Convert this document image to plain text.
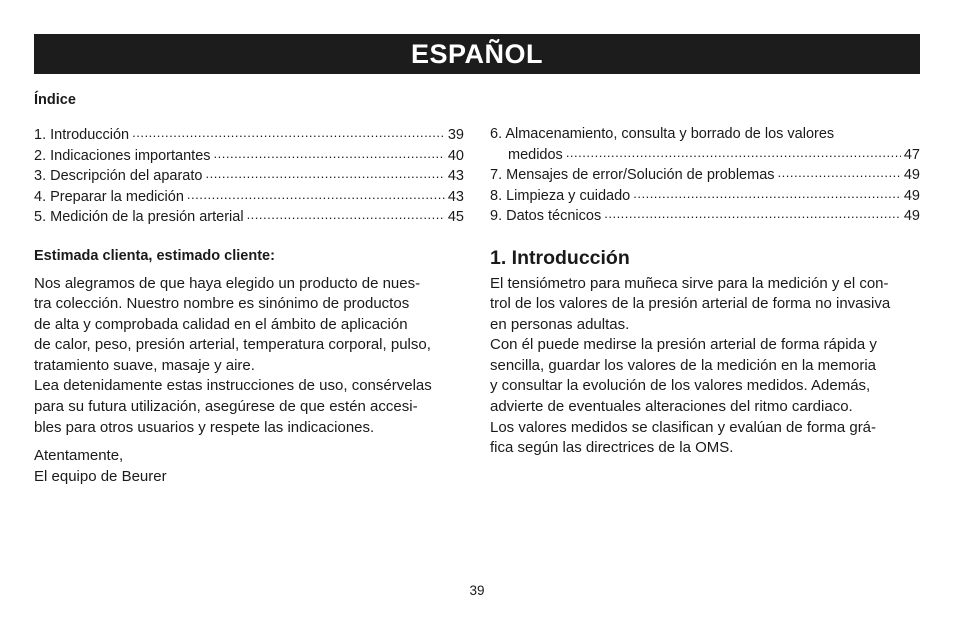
ESPAÑOL

Índice

1. Introducción .....	39
2. Indicaciones importantes .....	40
3. Descripción del aparato .....	43
4. Preparar la medición .....	43
5. Medición de la presión arterial .....	45

Estimada clienta, estimado cliente:

Nos alegramos de que haya elegido un producto de nues-

tra colección. Nuestro nombre es sinónimo de productos

de alta y comprobada calidad en el ámbito de aplicación

de calor, peso, presión arterial, temperatura corporal, pulso,

tratamiento suave, masaje y aire.

Lea detenidamente estas instrucciones de uso, consérvelas

para su futura utilización, asegúrese de que estén accesi-

bles para otros usuarios y respete las indicaciones.

Atentamente,

El equipo de Beurer

6. Almacenamiento, consulta y borrado de los valores
medidos .....	47
7. Mensajes de error/Solución de problemas .....	49
8. Limpieza y cuidado .....	49
9. Datos técnicos .....	49

1. Introducción

El tensiómetro para muñeca sirve para la medición y el con-

trol de los valores de la presión arterial de forma no invasiva

en personas adultas.

Con él puede medirse la presión arterial de forma rápida y

sencilla, guardar los valores de la medición en la memoria

y consultar la evolución de los valores medidos. Además,

advierte de eventuales alteraciones del ritmo cardiaco.

Los valores medidos se clasifican y evalúan de forma grá-

fica según las directrices de la OMS.

39
